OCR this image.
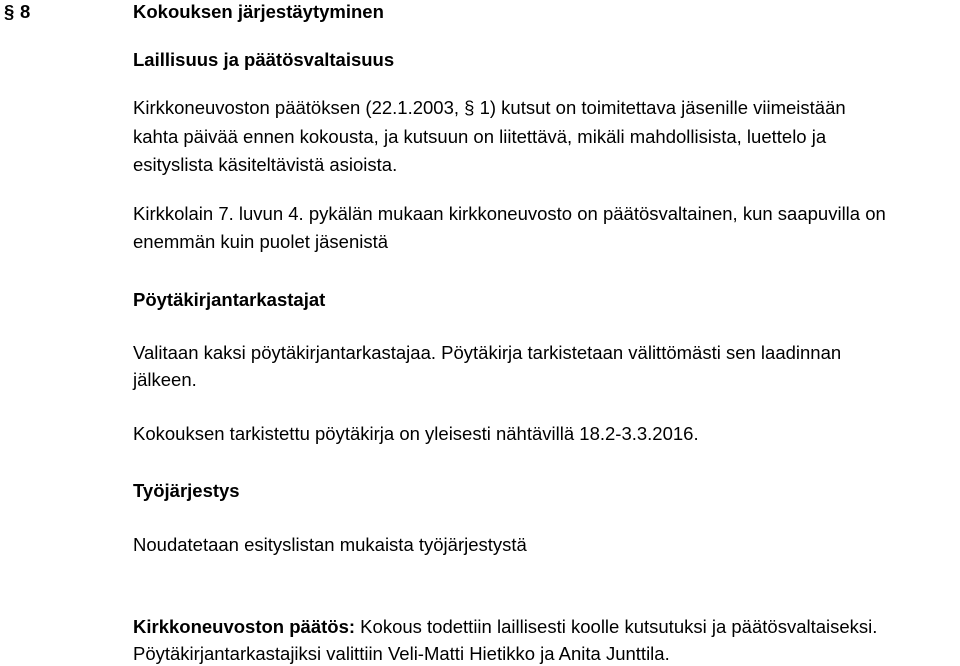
§ 8	Kokouksen järjestäytyminen
Laillisuus ja päätösvaltaisuus
Kirkkoneuvoston päätöksen (22.1.2003, § 1) kutsut on toimitettava jäsenille viimeistään
kahta päivää ennen kokousta, ja kutsuun on liitettävä, mikäli mahdollisista, luettelo ja
esityslista käsiteltävistä asioista.
Kirkkolain 7. luvun 4. pykälän mukaan kirkkoneuvosto on päätösvaltainen, kun saapuvilla on
enemmän kuin puolet jäsenistä
Pöytäkirjantarkastajat
Valitaan kaksi pöytäkirjantarkastajaa. Pöytäkirja tarkistetaan välittömästi sen laadinnan
jälkeen.
Kokouksen tarkistettu pöytäkirja on yleisesti nähtävillä 18.2-3.3.2016.
Työjärjestys
Noudatetaan esityslistan mukaista työjärjestystä
Kirkkoneuvoston päätös: Kokous todettiin laillisesti koolle kutsutuksi ja päätösvaltaiseksi.
Pöytäkirjantarkastajiksi valittiin Veli-Matti Hietikko ja Anita Junttila.
